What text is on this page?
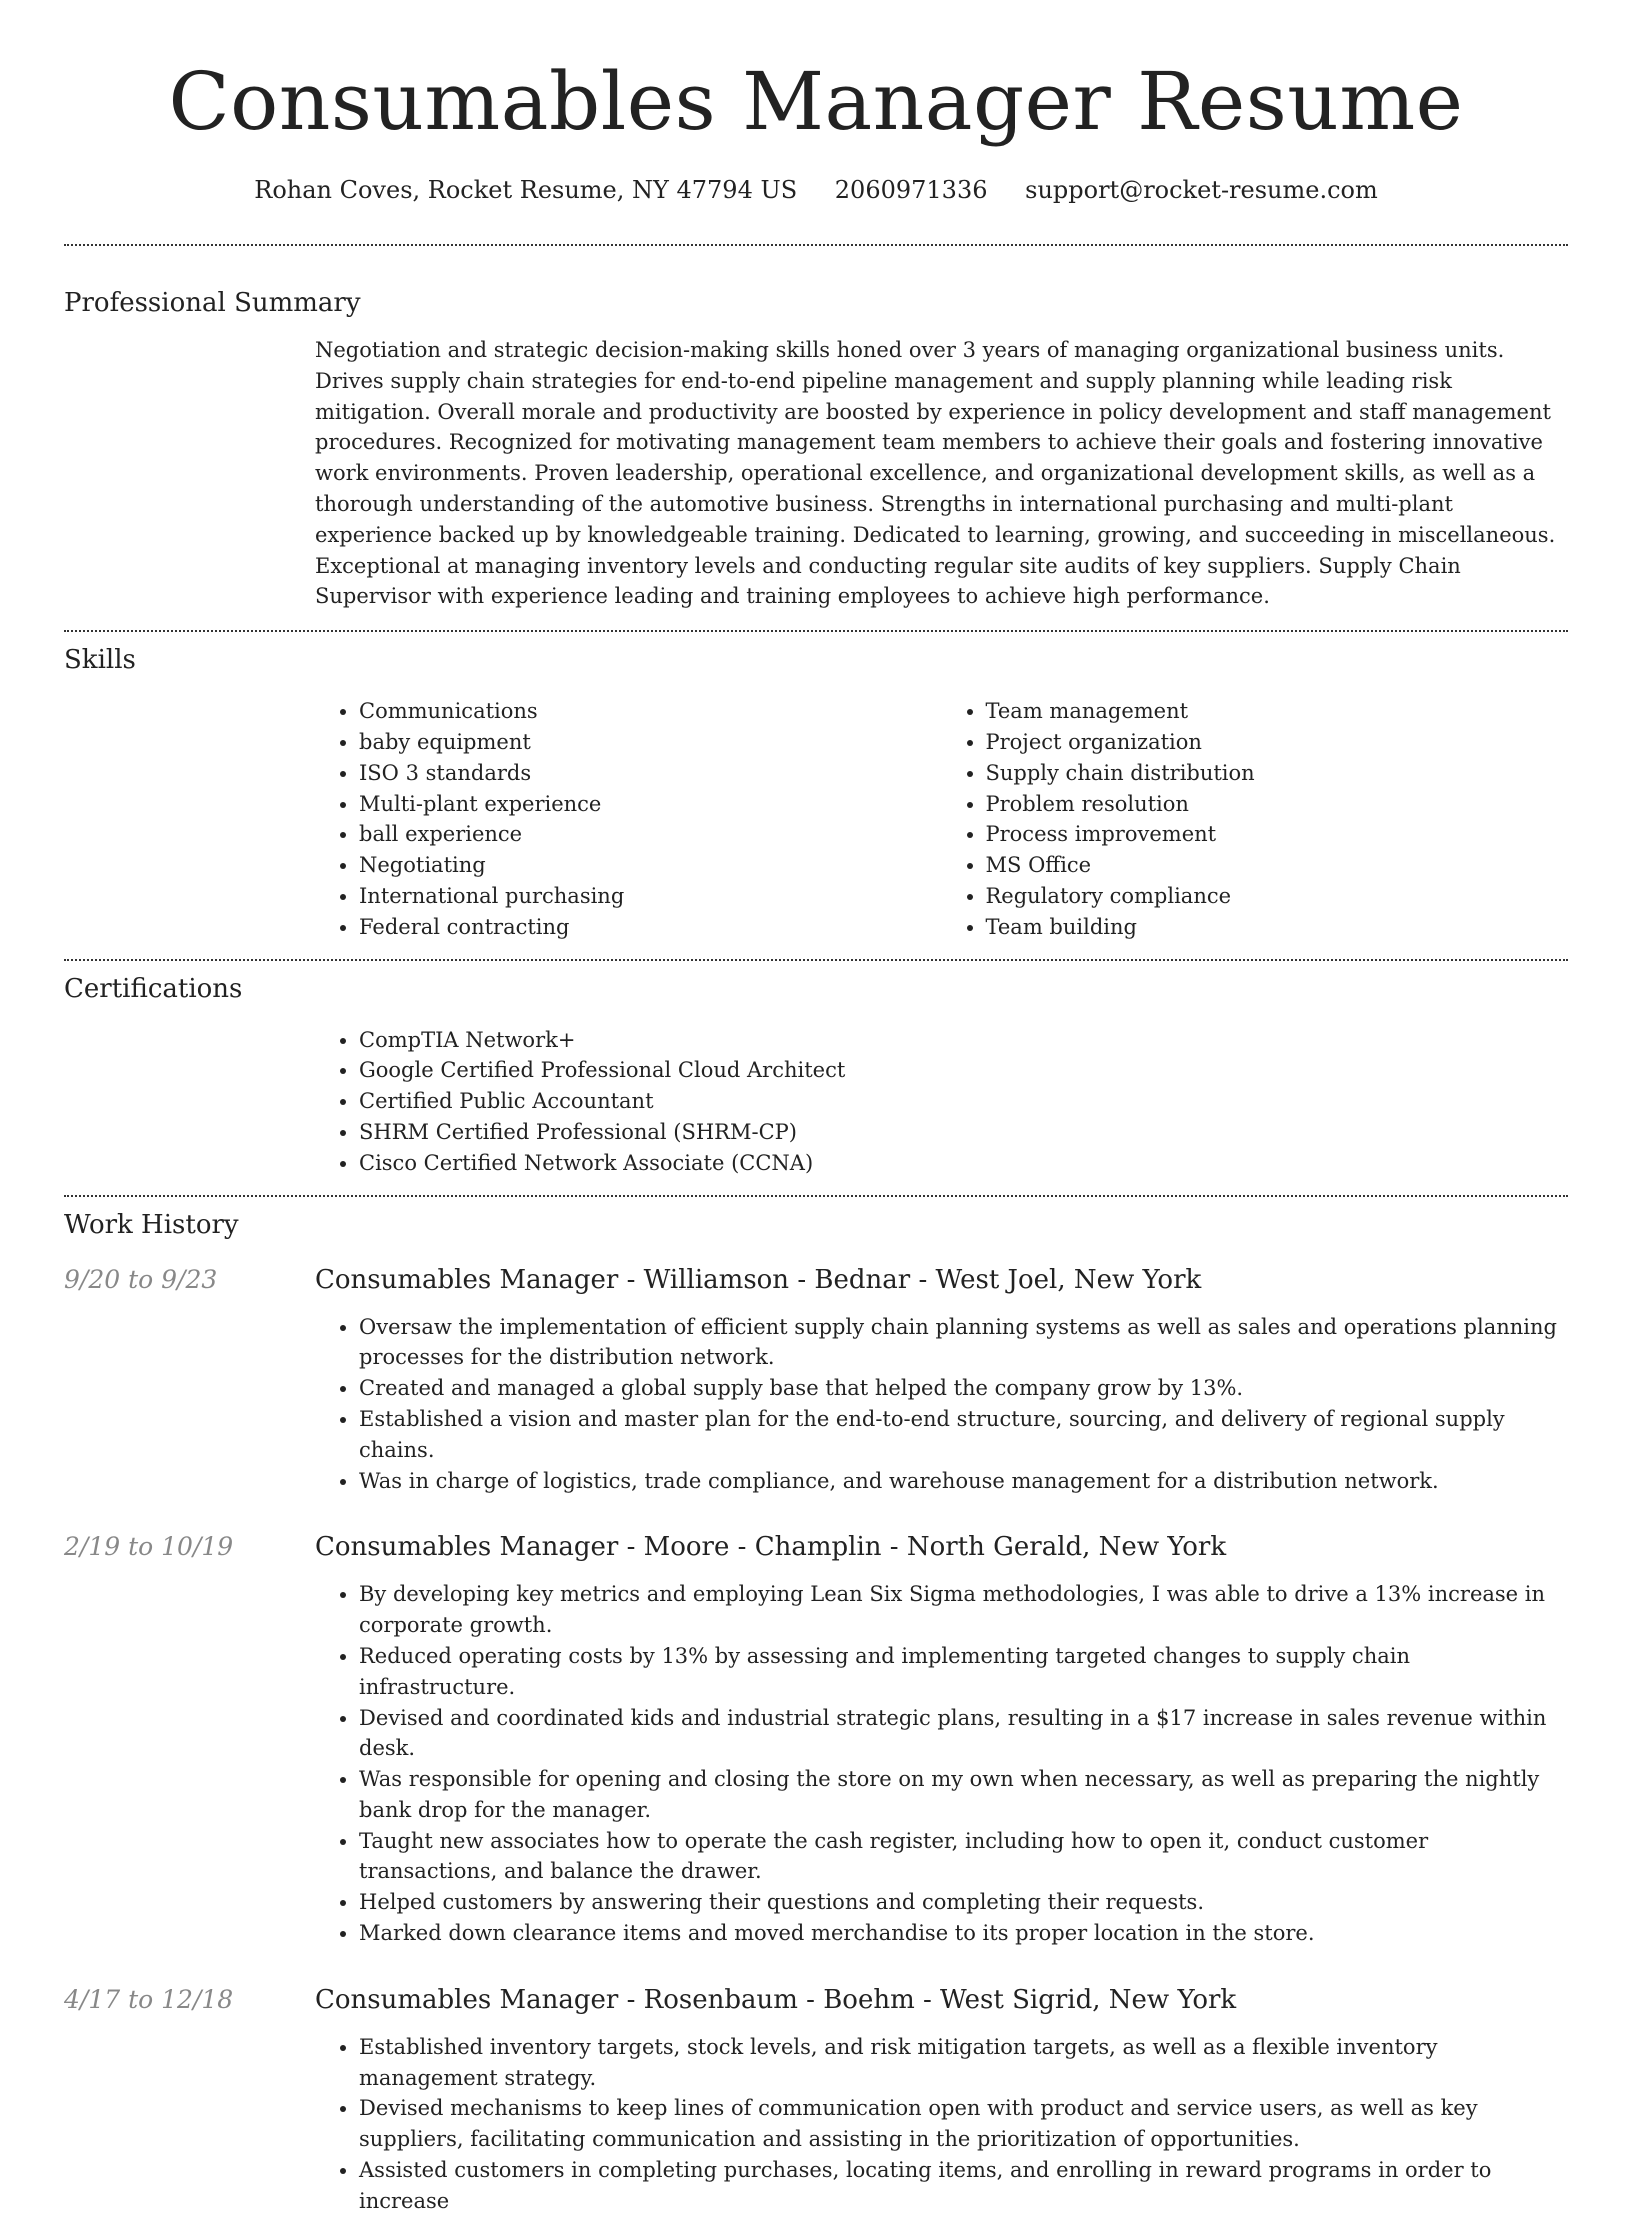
Consumables Manager Resume
Rohan Coves, Rocket Resume, NY 47794 US 2060971336 support@rocket-resume.com
Professional Summary

Negotiation and strategic decision-making skills honed over 3 years of managing organizational business units. Drives supply chain strategies for end-to-end pipeline management and supply planning while leading risk mitigation. Overall morale and productivity are boosted by experience in policy development and staff management procedures. Recognized for motivating management team members to achieve their goals and fostering innovative work environments. Proven leadership, operational excellence, and organizational development skills, as well as a thorough understanding of the automotive business. Strengths in international purchasing and multi-plant experience backed up by knowledgeable training. Dedicated to learning, growing, and succeeding in miscellaneous. Exceptional at managing inventory levels and conducting regular site audits of key suppliers. Supply Chain Supervisor with experience leading and training employees to achieve high performance.

Skills
• Communications
• baby equipment
• ISO 3 standards
• Multi-plant experience
• ball experience
• Negotiating
• International purchasing
• Federal contracting
• Team management
• Project organization
• Supply chain distribution
• Problem resolution
• Process improvement
• MS Office
• Regulatory compliance
• Team building
Certifications
• CompTIA Network+
• Google Certified Professional Cloud Architect
• Certified Public Accountant
• SHRM Certified Professional (SHRM-CP)
• Cisco Certified Network Associate (CCNA)
Work History
9/20 to 9/23	Consumables Manager - Williamson - Bednar - West Joel, New York
• Oversaw the implementation of efficient supply chain planning systems as well as sales and operations planning processes for the distribution network.
• Created and managed a global supply base that helped the company grow by 13%.
• Established a vision and master plan for the end-to-end structure, sourcing, and delivery of regional supply chains.
• Was in charge of logistics, trade compliance, and warehouse management for a distribution network.
2/19 to 10/19	Consumables Manager - Moore - Champlin - North Gerald, New York
• By developing key metrics and employing Lean Six Sigma methodologies, I was able to drive a 13% increase in corporate growth.
• Reduced operating costs by 13% by assessing and implementing targeted changes to supply chain infrastructure.
• Devised and coordinated kids and industrial strategic plans, resulting in a $17 increase in sales revenue within desk.
• Was responsible for opening and closing the store on my own when necessary, as well as preparing the nightly bank drop for the manager.
• Taught new associates how to operate the cash register, including how to open it, conduct customer transactions, and balance the drawer.
• Helped customers by answering their questions and completing their requests.
• Marked down clearance items and moved merchandise to its proper location in the store.
4/17 to 12/18	Consumables Manager - Rosenbaum - Boehm - West Sigrid, New York
• Established inventory targets, stock levels, and risk mitigation targets, as well as a flexible inventory management strategy.
• Devised mechanisms to keep lines of communication open with product and service users, as well as key suppliers, facilitating communication and assisting in the prioritization of opportunities.
• Assisted customers in completing purchases, locating items, and enrolling in reward programs in order to increase
